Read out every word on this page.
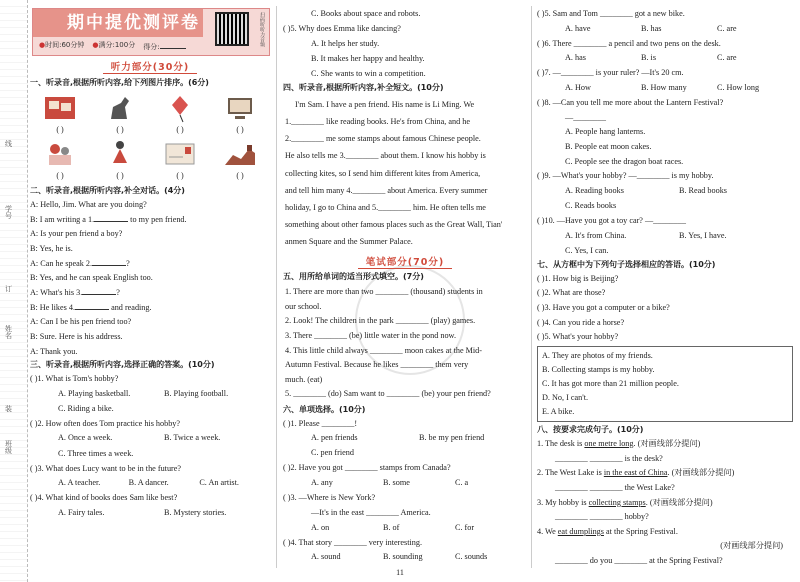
线
学号
订
姓名
装
班级
期中提优测评卷
●时间:60分钟 ●满分:100分 得分:	扫码听听力音频
听力部分(30分)
一、听录音,根据所听内容,给下列图片排序。(6分)
( )	( )	( )	( )
( )	( )	( )	( )
二、听录音,根据所听内容,补全对话。(4分)
A: Hello, Jim. What are you doing?
B: I am writing a 1.	to my pen friend.
A: Is your pen friend a boy?
B: Yes, he is.
A: Can he speak 2.	?
B: Yes, and he can speak English too.
A: What's his 3.	?
B: He likes 4.	and reading.
A: Can I be his pen friend too?
B: Sure. Here is his address.
A: Thank you.
三、听录音,根据所听内容,选择正确的答案。(10分)
( )1. What is Tom's hobby?
A. Playing basketball.	B. Playing football.
C. Riding a bike.
( )2. How often does Tom practice his hobby?
A. Once a week.	B. Twice a week.
C. Three times a week.
( )3. What does Lucy want to be in the future?
A. A teacher.	B. A dancer.	C. An artist.
( )4. What kind of books does Sam like best?
A. Fairy tales.	B. Mystery stories.
C. Books about space and robots.
( )5. Why does Emma like dancing?
A. It helps her study.
B. It makes her happy and healthy.
C. She wants to win a competition.
四、听录音,根据所听内容,补全短文。(10分)
I'm Sam. I have a pen friend. His name is Li Ming. We
1.________ like reading books. He's from China, and he
2.________ me some stamps about famous Chinese people.
He also tells me 3.________ about them. I know his hobby is
collecting kites, so I send him different kites from America,
and tell him many 4.________ about America. Every summer
holiday, I go to China and 5.________ him. He often tells me
something about other famous places such as the Great Wall, Tian'
anmen Square and the Summer Palace.
笔试部分(70分)
五、用所给单词的适当形式填空。(7分)
1. There are more than two ________ (thousand) students in
our school.
2. Look! The children in the park ________ (play) games.
3. There ________ (be) little water in the pond now.
4. This little child always ________ moon cakes at the Mid-
Autumn Festival. Because he likes ________ them very
much. (eat)
5. ________ (do) Sam want to ________ (be) your pen friend?
六、单项选择。(10分)
( )1. Please ________!
A. pen friends	B. be my pen friend
C. pen friend
( )2. Have you got ________ stamps from Canada?
A. any	B. some	C. a
( )3. —Where is New York?
—It's in the east ________ America.
A. on	B. of	C. for
( )4. That story ________ very interesting.
A. sound	B. sounding	C. sounds
( )5. Sam and Tom ________ got a new bike.
A. have	B. has	C. are
( )6. There ________ a pencil and two pens on the desk.
A. has	B. is	C. are
( )7. —________ is your ruler? —It's 20 cm.
A. How	B. How many	C. How long
( )8. —Can you tell me more about the Lantern Festival?
—________
A. People hang lanterns.
B. People eat moon cakes.
C. People see the dragon boat races.
( )9. —What's your hobby? —________ is my hobby.
A. Reading books	B. Read books
C. Reads books
( )10. —Have you got a toy car? —________
A. It's from China.	B. Yes, I have.
C. Yes, I can.
七、从方框中为下列句子选择相应的答语。(10分)
( )1. How big is Beijing?
( )2. What are those?
( )3. Have you got a computer or a bike?
( )4. Can you ride a horse?
( )5. What's your hobby?
A. They are photos of my friends.
B. Collecting stamps is my hobby.
C. It has got more than 21 million people.
D. No, I can't.
E. A bike.
八、按要求完成句子。(10分)
1. The desk is one metre long. (对画线部分提问)
________ ________ is the desk?
2. The West Lake is in the east of China. (对画线部分提问)
________ ________ the West Lake?
3. My hobby is collecting stamps. (对画线部分提问)
________ ________ hobby?
4. We eat dumplings at the Spring Festival.
(对画线部分提问)
________ do you ________ at the Spring Festival?
11
